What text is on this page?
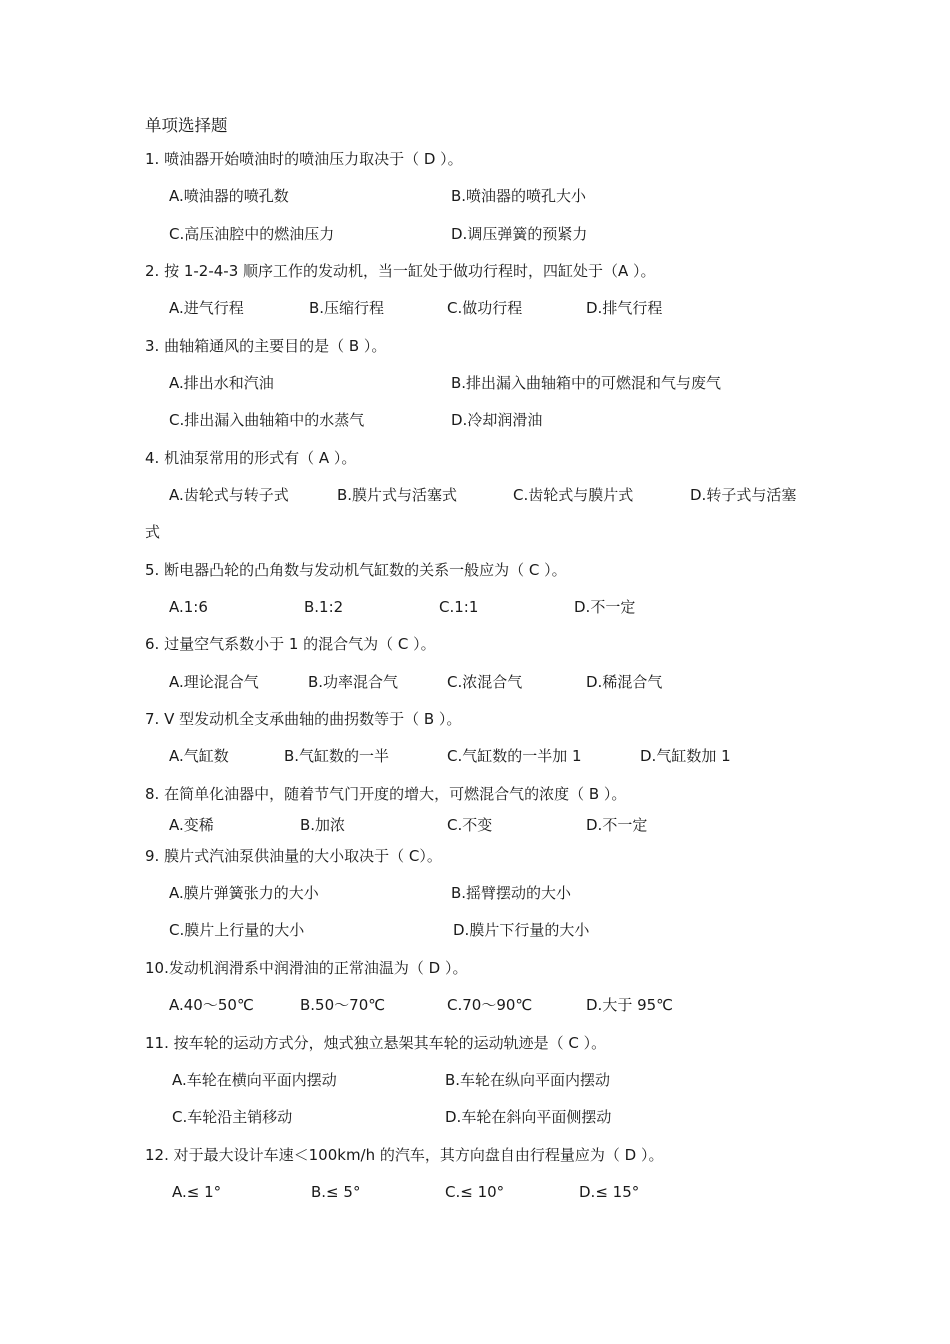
单项选择题
1. 喷油器开始喷油时的喷油压力取决于（ D ）。
A.喷油器的喷孔数	B.喷油器的喷孔大小
C.高压油腔中的燃油压力	D.调压弹簧的预紧力
2. 按 1-2-4-3 顺序工作的发动机，当一缸处于做功行程时，四缸处于（A ）。
A.进气行程	B.压缩行程	C.做功行程	D.排气行程
3. 曲轴箱通风的主要目的是（ B ）。
A.排出水和汽油	B.排出漏入曲轴箱中的可燃混和气与废气
C.排出漏入曲轴箱中的水蒸气	D.冷却润滑油
4. 机油泵常用的形式有（ A ）。
A.齿轮式与转子式	B.膜片式与活塞式	C.齿轮式与膜片式	D.转子式与活塞
式
5. 断电器凸轮的凸角数与发动机气缸数的关系一般应为（ C ）。
A.1:6	B.1:2	C.1:1	D.不一定
6. 过量空气系数小于 1 的混合气为（ C ）。
A.理论混合气	B.功率混合气	C.浓混合气	D.稀混合气
7. V 型发动机全支承曲轴的曲拐数等于（ B ）。
A.气缸数	B.气缸数的一半	C.气缸数的一半加 1	D.气缸数加 1
8. 在简单化油器中，随着节气门开度的增大，可燃混合气的浓度（ B ）。
A.变稀	B.加浓	C.不变	D.不一定
9. 膜片式汽油泵供油量的大小取决于（ C）。
A.膜片弹簧张力的大小	B.摇臂摆动的大小
C.膜片上行量的大小	D.膜片下行量的大小
10.发动机润滑系中润滑油的正常油温为（ D ）。
A.40～50℃	B.50～70℃	C.70～90℃	D.大于 95℃
11. 按车轮的运动方式分，烛式独立悬架其车轮的运动轨迹是（ C ）。
A.车轮在横向平面内摆动	B.车轮在纵向平面内摆动
C.车轮沿主销移动	D.车轮在斜向平面侧摆动
12. 对于最大设计车速＜100km/h 的汽车，其方向盘自由行程量应为（ D ）。
A.≤ 1°	B.≤ 5°	C.≤ 10°	D.≤ 15°
